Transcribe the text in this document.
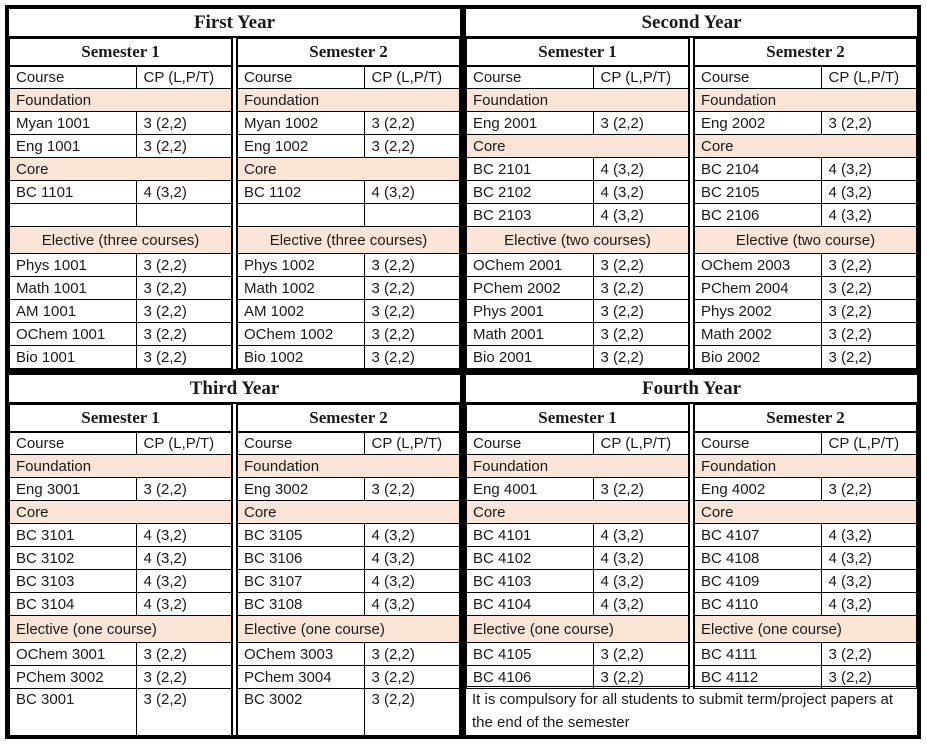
First Year
Semester 1	
Course	CP (L,P/T)
Foundation	
Myan 1001	3 (2,2)
Eng 1001	3 (2,2)
Core	
BC 1101	4 (3,2)

Elective (three courses)	
Phys 1001	3 (2,2)
Math 1001	3 (2,2)
AM 1001	3 (2,2)
OChem 1001	3 (2,2)
Bio 1001	3 (2,2)
Semester 2	
Course	CP (L,P/T)
Foundation	
Myan 1002	3 (2,2)
Eng 1002	3 (2,2)
Core	
BC 1102	4 (3,2)

Elective (three courses)	
Phys 1002	3 (2,2)
Math 1002	3 (2,2)
AM 1002	3 (2,2)
OChem 1002	3 (2,2)
Bio 1002	3 (2,2)
Second Year
Semester 1	
Course	CP (L,P/T)
Foundation	
Eng 2001	3 (2,2)
Core	
BC 2101	4 (3,2)
BC 2102	4 (3,2)
BC 2103	4 (3,2)
Elective (two courses)	
OChem 2001	3 (2,2)
PChem 2002	3 (2,2)
Phys 2001	3 (2,2)
Math 2001	3 (2,2)
Bio 2001	3 (2,2)
Semester 2	
Course	CP (L,P/T)
Foundation	
Eng 2002	3 (2,2)
Core	
BC 2104	4 (3,2)
BC 2105	4 (3,2)
BC 2106	4 (3,2)
Elective (two course)	
OChem 2003	3 (2,2)
PChem 2004	3 (2,2)
Phys 2002	3 (2,2)
Math 2002	3 (2,2)
Bio 2002	3 (2,2)
Third Year
Semester 1	
Course	CP (L,P/T)
Foundation	
Eng 3001	3 (2,2)
Core	
BC 3101	4 (3,2)
BC 3102	4 (3,2)
BC 3103	4 (3,2)
BC 3104	4 (3,2)
Elective (one course)	
OChem 3001	3 (2,2)
PChem 3002	3 (2,2)
BC 3001	3 (2,2)
Semester 2	
Course	CP (L,P/T)
Foundation	
Eng 3002	3 (2,2)
Core	
BC 3105	4 (3,2)
BC 3106	4 (3,2)
BC 3107	4 (3,2)
BC 3108	4 (3,2)
Elective (one course)	
OChem 3003	3 (2,2)
PChem 3004	3 (2,2)
BC 3002	3 (2,2)
Fourth Year
Semester 1	
Course	CP (L,P/T)
Foundation	
Eng 4001	3 (2,2)
Core	
BC 4101	4 (3,2)
BC 4102	4 (3,2)
BC 4103	4 (3,2)
BC 4104	4 (3,2)
Elective (one course)	
BC 4105	3 (2,2)
BC 4106	3 (2,2)
Semester 2	
Course	CP (L,P/T)
Foundation	
Eng 4002	3 (2,2)
Core	
BC 4107	4 (3,2)
BC 4108	4 (3,2)
BC 4109	4 (3,2)
BC 4110	4 (3,2)
Elective (one course)	
BC 4111	3 (2,2)
BC 4112	3 (2,2)
It is compulsory for all students to submit term/project papers at the end of the semester
